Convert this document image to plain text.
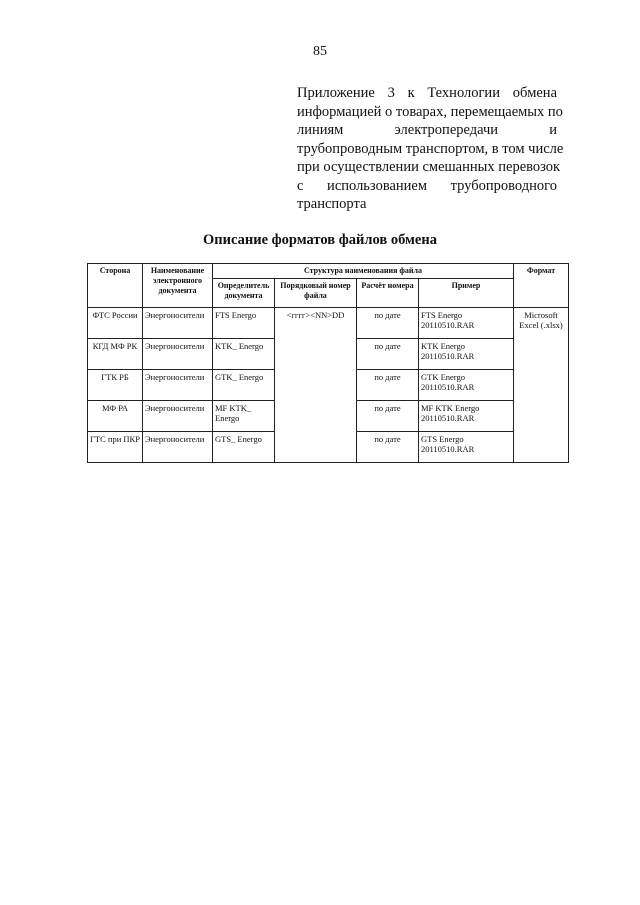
85
Приложение 3 к Технологии обмена
информацией о товарах, перемещаемых по
линиям электропередачи и
трубопроводным транспортом, в том числе
при осуществлении смешанных перевозок
с использованием трубопроводного
транспорта
Описание форматов файлов обмена
Сторона	Наименование электронного документа	Структура наименования файла				Формат
		Определитель документа	Порядковый номер файла	Расчёт номера	Пример	
ФТС России	Энергоносители	FTS Energo	<гггг><NN>DD	по дате	FTS Energo 20110510.RAR	Microsoft Excel (.xlsx)
КГД МФ РК	Энергоносители	KTK_ Energo		по дате	KTK Energo 20110510.RAR	
ГТК РБ	Энергоносители	GTK_ Energo		по дате	GTK Energo 20110510.RAR	
МФ РА	Энергоносители	MF KTK_ Energo		по дате	MF KTK Energo 20110510.RAR	
ГТС при ПКР	Энергоносители	GTS_ Energo		по дате	GTS Energo 20110510.RAR	
